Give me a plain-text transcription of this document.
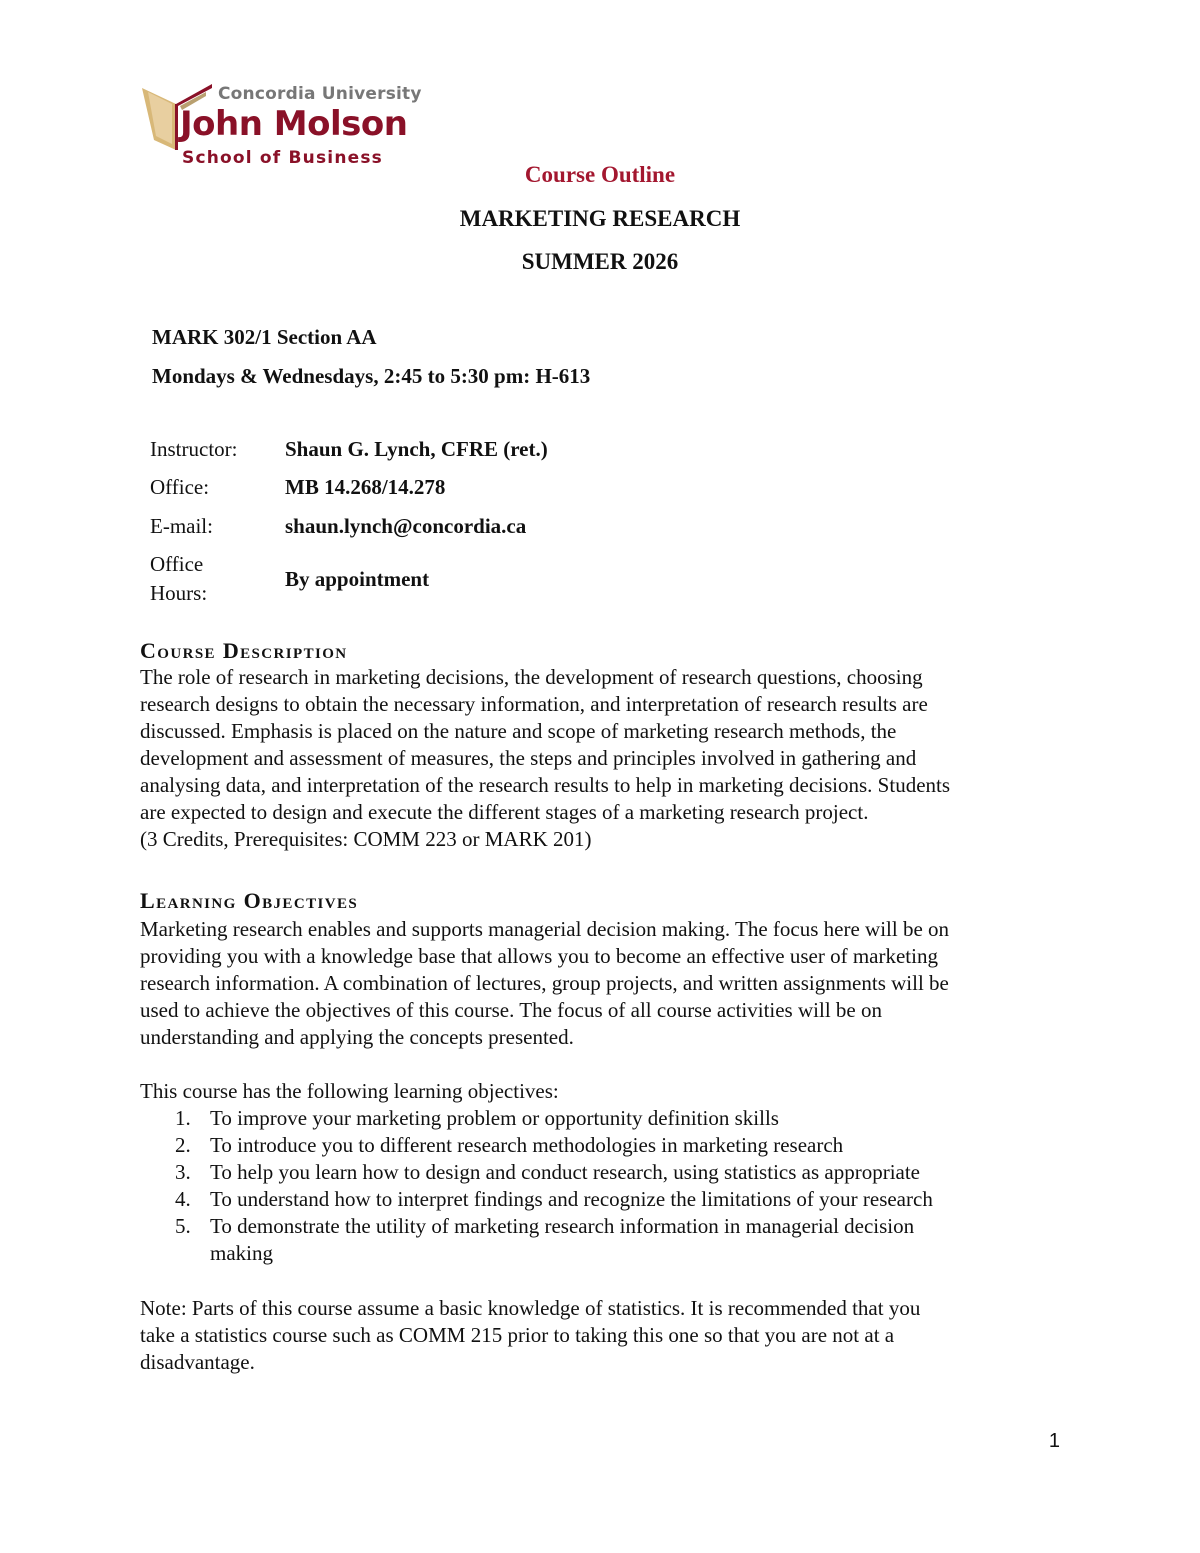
Concordia University
John Molson
School of Business
Course Outline
MARKETING RESEARCH
SUMMER 2026
MARK 302/1 Section AA
Mondays & Wednesdays, 2:45 to 5:30 pm: H-613
Instructor: Shaun G. Lynch, CFRE (ret.)
Office:	MB 14.268/14.278
E-mail:	shaun.lynch@concordia.ca
Office
Hours:
By appointment
Course Description
The role of research in marketing decisions, the development of research questions, choosing
research designs to obtain the necessary information, and interpretation of research results are
discussed. Emphasis is placed on the nature and scope of marketing research methods, the
development and assessment of measures, the steps and principles involved in gathering and
analysing data, and interpretation of the research results to help in marketing decisions. Students
are expected to design and execute the different stages of a marketing research project.
(3 Credits, Prerequisites: COMM 223 or MARK 201)
Learning Objectives
Marketing research enables and supports managerial decision making. The focus here will be on
providing you with a knowledge base that allows you to become an effective user of marketing
research information. A combination of lectures, group projects, and written assignments will be
used to achieve the objectives of this course. The focus of all course activities will be on
understanding and applying the concepts presented.
This course has the following learning objectives:
1. To improve your marketing problem or opportunity definition skills
2. To introduce you to different research methodologies in marketing research
3. To help you learn how to design and conduct research, using statistics as appropriate
4. To understand how to interpret findings and recognize the limitations of your research
5. To demonstrate the utility of marketing research information in managerial decision
making
Note: Parts of this course assume a basic knowledge of statistics. It is recommended that you
take a statistics course such as COMM 215 prior to taking this one so that you are not at a
disadvantage.
1
